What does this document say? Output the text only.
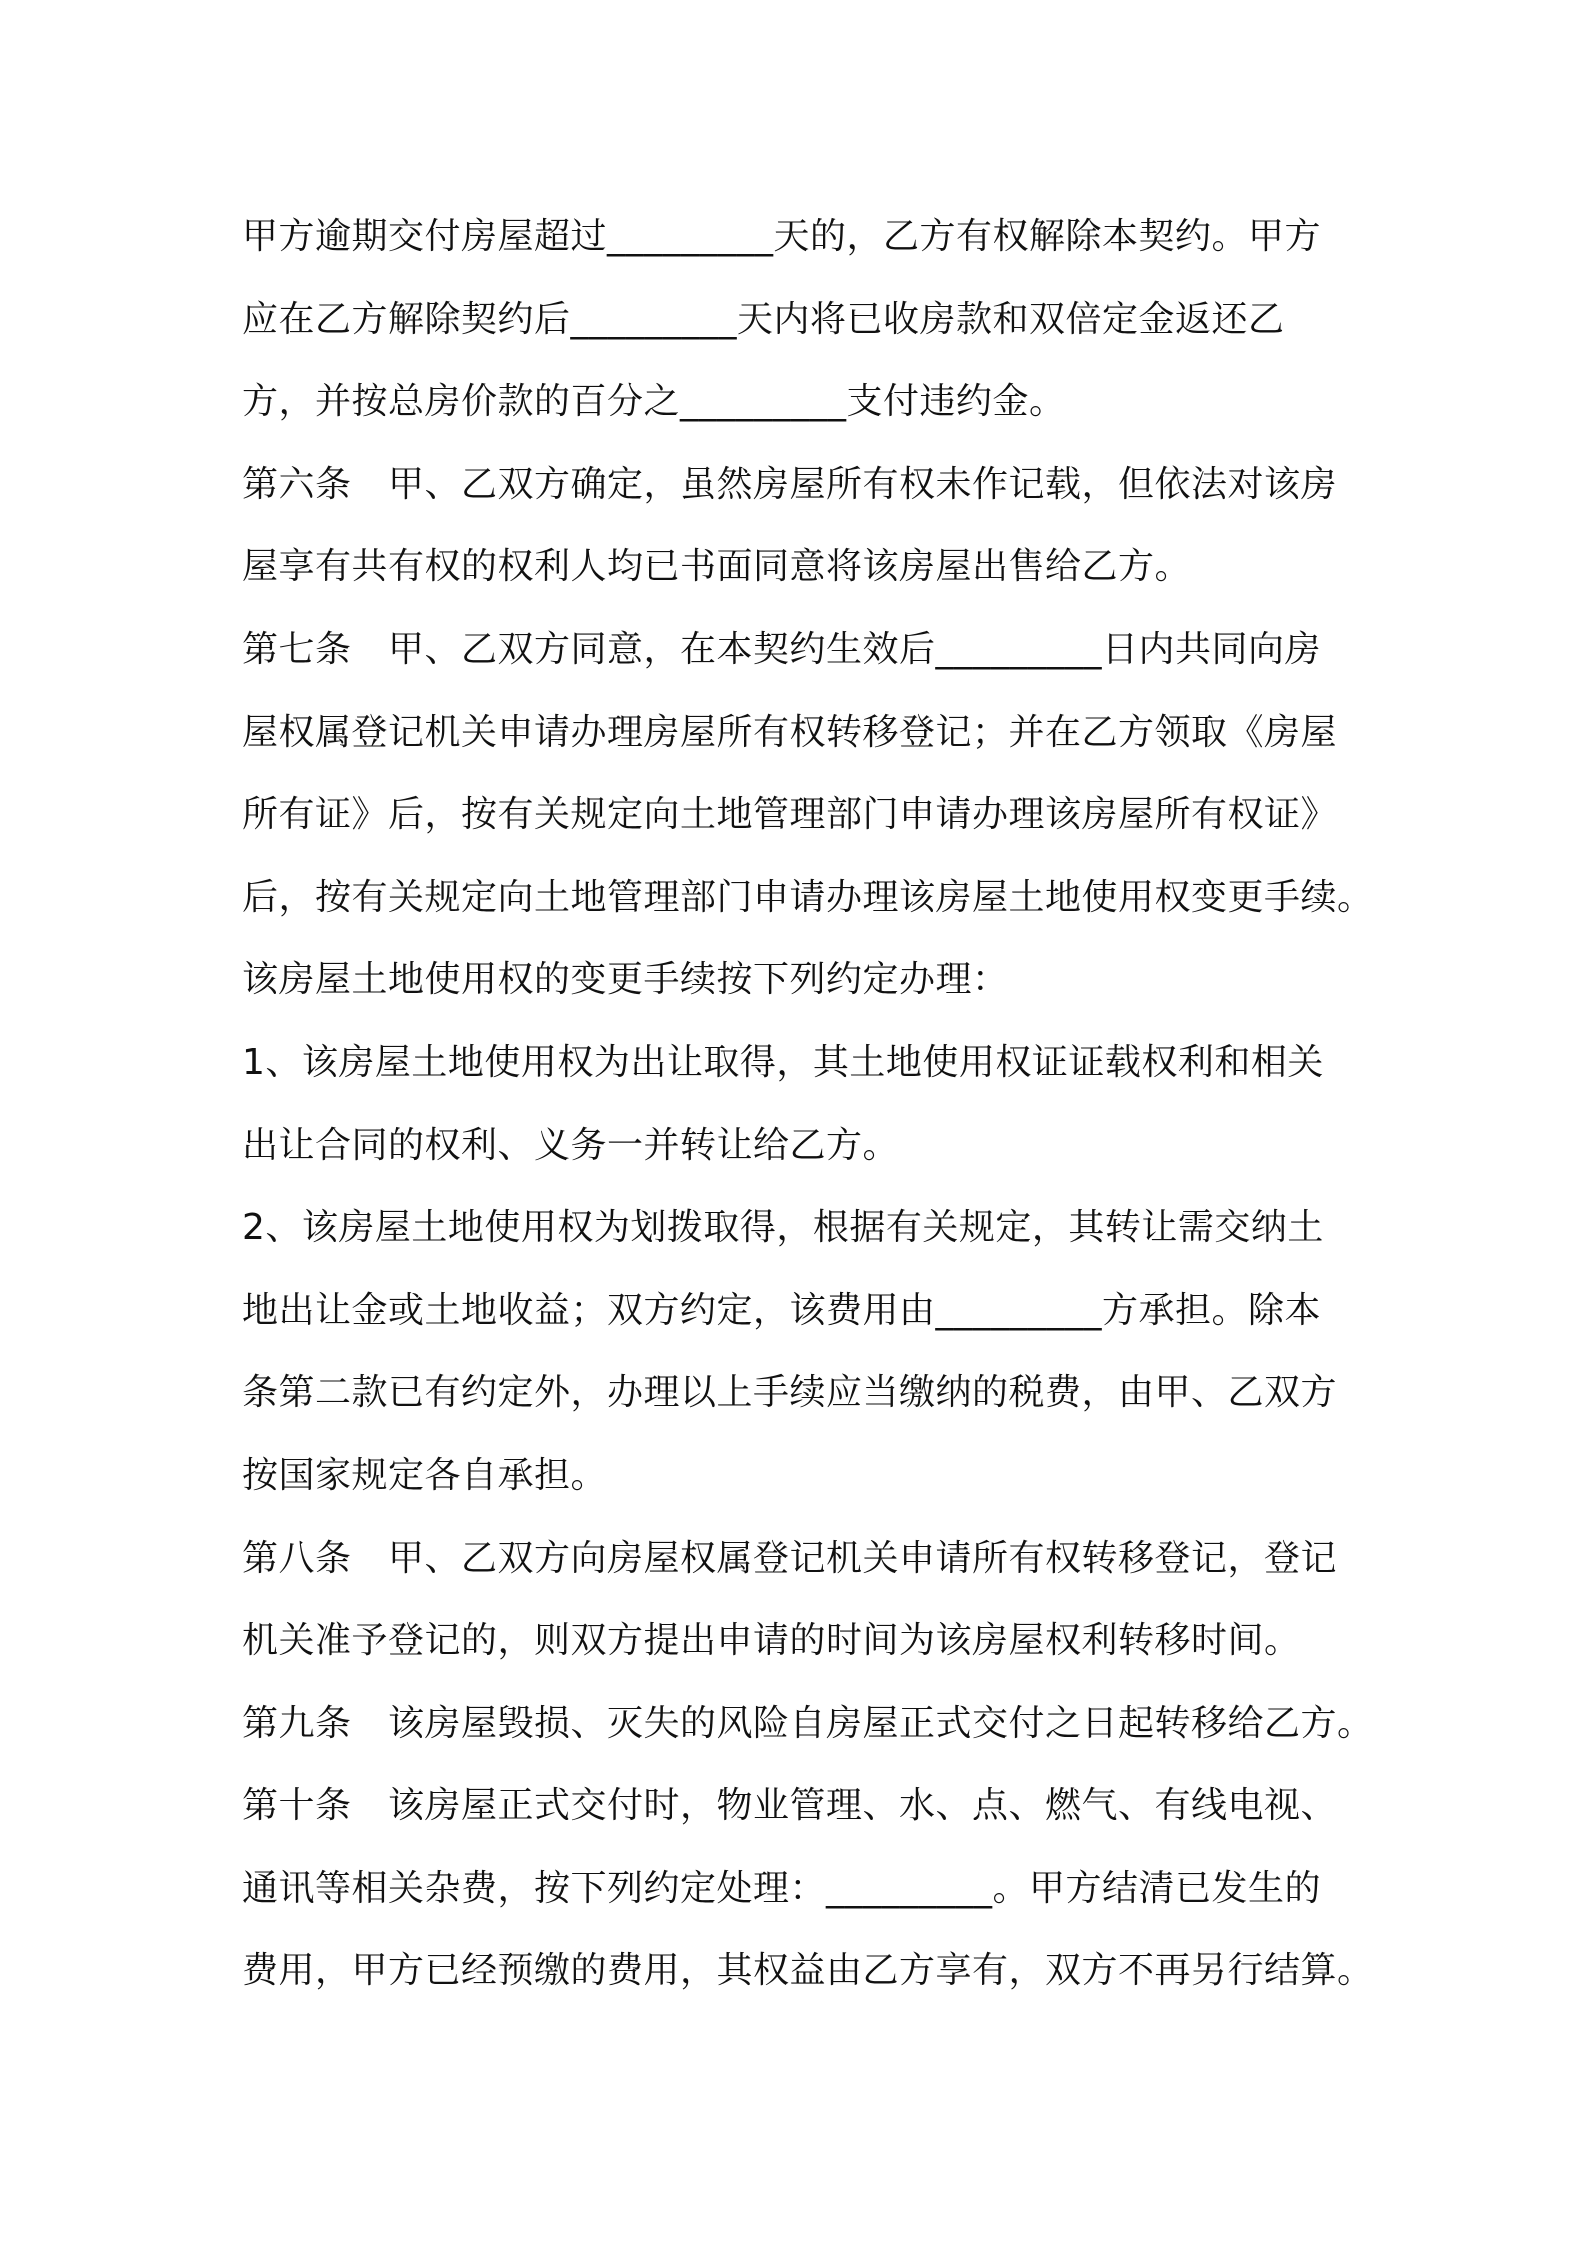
甲方逾期交付房屋超过_________天的，乙方有权解除本契约。甲方
应在乙方解除契约后_________天内将已收房款和双倍定金返还乙
方，并按总房价款的百分之_________支付违约金。
第六条　甲、乙双方确定，虽然房屋所有权未作记载，但依法对该房
屋享有共有权的权利人均已书面同意将该房屋出售给乙方。
第七条　甲、乙双方同意，在本契约生效后_________日内共同向房
屋权属登记机关申请办理房屋所有权转移登记；并在乙方领取《房屋
所有证》后，按有关规定向土地管理部门申请办理该房屋所有权证》
后，按有关规定向土地管理部门申请办理该房屋土地使用权变更手续。
该房屋土地使用权的变更手续按下列约定办理：
1、该房屋土地使用权为出让取得，其土地使用权证证载权利和相关
出让合同的权利、义务一并转让给乙方。
2、该房屋土地使用权为划拨取得，根据有关规定，其转让需交纳土
地出让金或土地收益；双方约定，该费用由_________方承担。除本
条第二款已有约定外，办理以上手续应当缴纳的税费，由甲、乙双方
按国家规定各自承担。
第八条　甲、乙双方向房屋权属登记机关申请所有权转移登记，登记
机关准予登记的，则双方提出申请的时间为该房屋权利转移时间。
第九条　该房屋毁损、灭失的风险自房屋正式交付之日起转移给乙方。
第十条　该房屋正式交付时，物业管理、水、点、燃气、有线电视、
通讯等相关杂费，按下列约定处理：_________。甲方结清已发生的
费用，甲方已经预缴的费用，其权益由乙方享有，双方不再另行结算。
